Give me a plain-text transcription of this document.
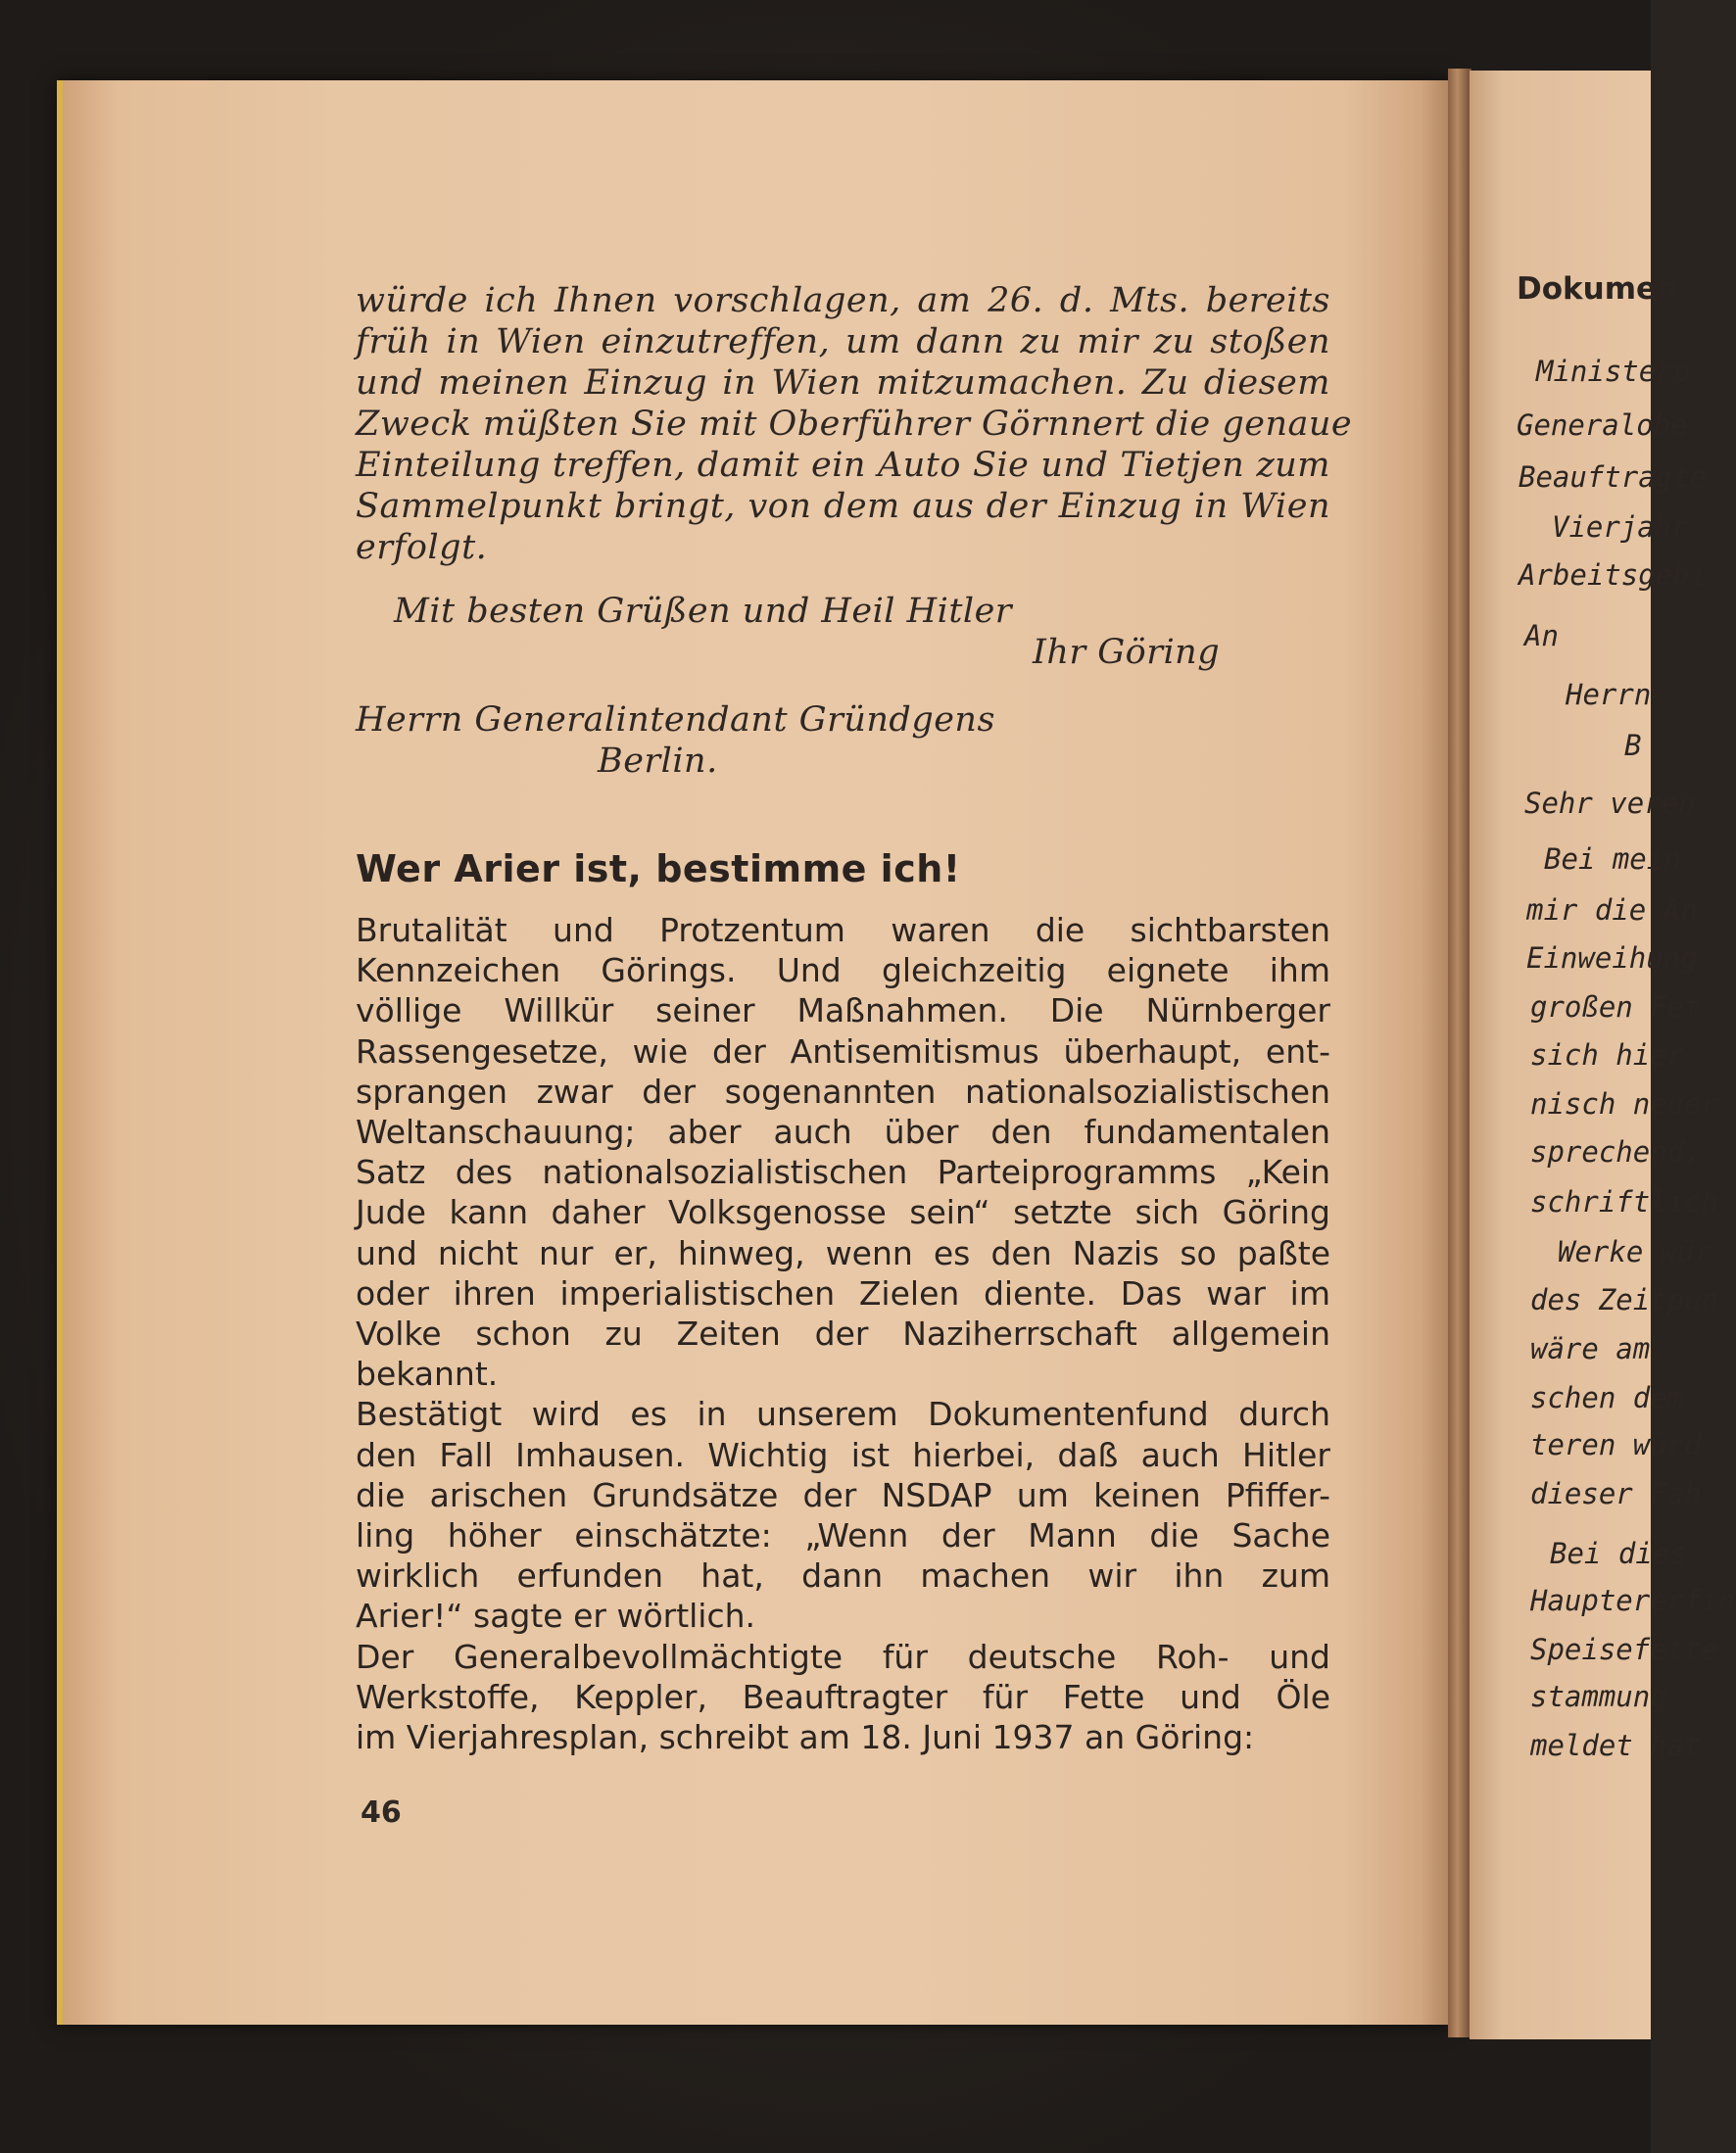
Dokumen
Ministerp
Generalobe
Beauftragte
Vierjahr
Arbeitsgebi
An
Herrn
B
Sehr vereh
Bei mein
mir die An
Einweihung
großen Fet
sich hier
nisch neuer
sprechend,
schriftlich
Werke wür
des Zeitpun
wäre am
schen dem
teren würd
dieser Fah
Bei dies
Hauptererfin
Speisefette
stammung
meldet hat
würde ich Ihnen vorschlagen, am 26. d. Mts. bereits
früh in Wien einzutreffen, um dann zu mir zu stoßen
und meinen Einzug in Wien mitzumachen. Zu diesem
Zweck müßten Sie mit Oberführer Görnnert die genaue
Einteilung treffen, damit ein Auto Sie und Tietjen zum
Sammelpunkt bringt, von dem aus der Einzug in Wien
erfolgt.
Mit besten Grüßen und Heil Hitler
Ihr Göring
Herrn Generalintendant Gründgens
Berlin.
Wer Arier ist, bestimme ich!
Brutalität und Protzentum waren die sichtbarsten
Kennzeichen Görings. Und gleichzeitig eignete ihm
völlige Willkür seiner Maßnahmen. Die Nürnberger
Rassengesetze, wie der Antisemitismus überhaupt, ent-
sprangen zwar der sogenannten nationalsozialistischen
Weltanschauung; aber auch über den fundamentalen
Satz des nationalsozialistischen Parteiprogramms „Kein
Jude kann daher Volksgenosse sein“ setzte sich Göring
und nicht nur er, hinweg, wenn es den Nazis so paßte
oder ihren imperialistischen Zielen diente. Das war im
Volke schon zu Zeiten der Naziherrschaft allgemein
bekannt.
Bestätigt wird es in unserem Dokumentenfund durch
den Fall Imhausen. Wichtig ist hierbei, daß auch Hitler
die arischen Grundsätze der NSDAP um keinen Pfiffer-
ling höher einschätzte: „Wenn der Mann die Sache
wirklich erfunden hat, dann machen wir ihn zum
Arier!“ sagte er wörtlich.
Der Generalbevollmächtigte für deutsche Roh- und
Werkstoffe, Keppler, Beauftragter für Fette und Öle
im Vierjahresplan, schreibt am 18. Juni 1937 an Göring:
46
